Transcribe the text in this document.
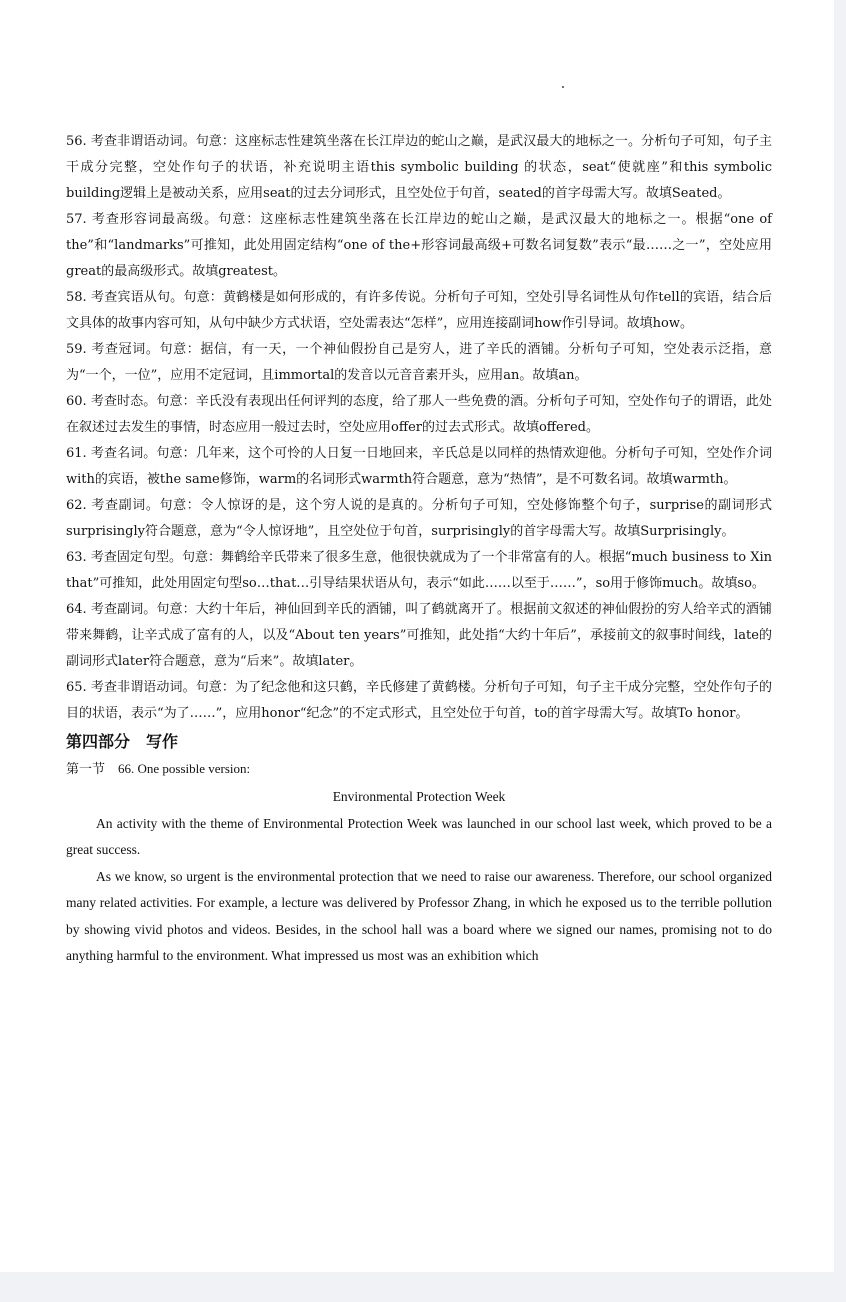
56. 考查非谓语动词。句意：这座标志性建筑坐落在长江岸边的蛇山之巅，是武汉最大的地标之一。分析句子可知，句子主干成分完整，空处作句子的状语，补充说明主语this symbolic building 的状态，seat“使就座”和this symbolic building逻辑上是被动关系，应用seat的过去分词形式，且空处位于句首，seated的首字母需大写。故填Seated。

57. 考查形容词最高级。句意：这座标志性建筑坐落在长江岸边的蛇山之巅，是武汉最大的地标之一。根据“one of the”和“landmarks”可推知，此处用固定结构“one of the+形容词最高级+可数名词复数”表示“最……之一”，空处应用great的最高级形式。故填greatest。

58. 考查宾语从句。句意：黄鹤楼是如何形成的，有许多传说。分析句子可知，空处引导名词性从句作tell的宾语，结合后文具体的故事内容可知，从句中缺少方式状语，空处需表达“怎样”，应用连接副词how作引导词。故填how。

59. 考查冠词。句意：据信，有一天，一个神仙假扮自己是穷人，进了辛氏的酒铺。分析句子可知，空处表示泛指，意为“一个，一位”，应用不定冠词，且immortal的发音以元音音素开头，应用an。故填an。

60. 考查时态。句意：辛氏没有表现出任何评判的态度，给了那人一些免费的酒。分析句子可知，空处作句子的谓语，此处在叙述过去发生的事情，时态应用一般过去时，空处应用offer的过去式形式。故填offered。

61. 考查名词。句意：几年来，这个可怜的人日复一日地回来，辛氏总是以同样的热情欢迎他。分析句子可知，空处作介词with的宾语，被the same修饰，warm的名词形式warmth符合题意，意为“热情”，是不可数名词。故填warmth。

62. 考查副词。句意：令人惊讶的是，这个穷人说的是真的。分析句子可知，空处修饰整个句子，surprise的副词形式surprisingly符合题意，意为“令人惊讶地”，且空处位于句首，surprisingly的首字母需大写。故填Surprisingly。

63. 考查固定句型。句意：舞鹤给辛氏带来了很多生意，他很快就成为了一个非常富有的人。根据“much business to Xin that”可推知，此处用固定句型so…that…引导结果状语从句，表示“如此……以至于……”，so用于修饰much。故填so。

64. 考查副词。句意：大约十年后，神仙回到辛氏的酒铺，叫了鹤就离开了。根据前文叙述的神仙假扮的穷人给辛式的酒铺带来舞鹤，让辛式成了富有的人，以及“About ten years”可推知，此处指“大约十年后”，承接前文的叙事时间线，late的副词形式later符合题意，意为“后来”。故填later。

65. 考查非谓语动词。句意：为了纪念他和这只鹤，辛氏修建了黄鹤楼。分析句子可知，句子主干成分完整，空处作句子的目的状语，表示“为了……”，应用honor“纪念”的不定式形式，且空处位于句首，to的首字母需大写。故填To honor。

第四部分　写作

第一节　66. One possible version:

Environmental Protection Week

An activity with the theme of Environmental Protection Week was launched in our school last week, which proved to be a great success.

As we know, so urgent is the environmental protection that we need to raise our awareness. Therefore, our school organized many related activities. For example, a lecture was delivered by Professor Zhang, in which he exposed us to the terrible pollution by showing vivid photos and videos. Besides, in the school hall was a board where we signed our names, promising not to do anything harmful to the environment. What impressed us most was an exhibition which
